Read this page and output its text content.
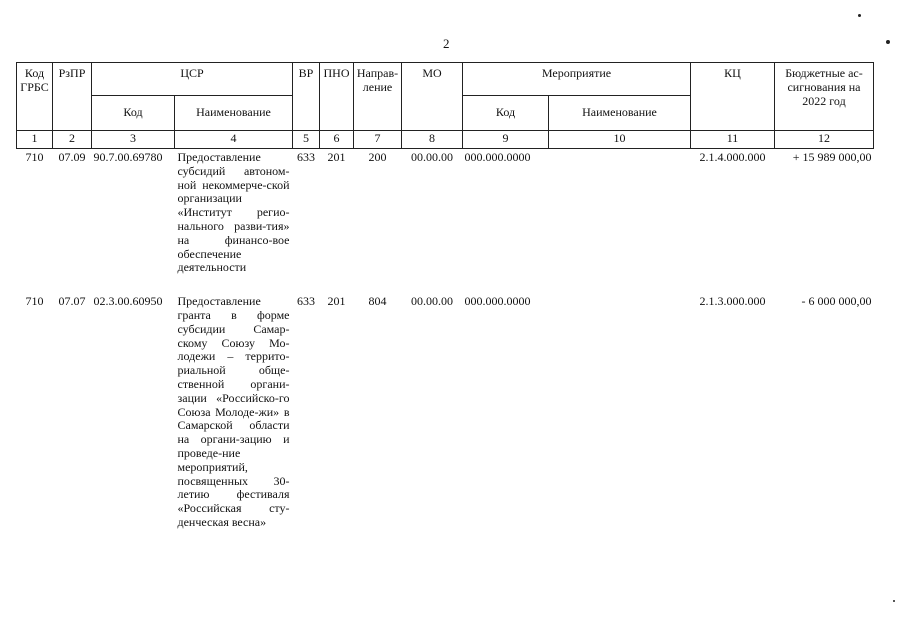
2
Код ГРБС	РзПР	ЦСР		ВР	ПНО	Направ-ление	МО	Мероприятие		КЦ	Бюджетные ас-сигнования на 2022 год
		Код	Наименование					Код	Наименование		
1	2	3	4	5	6	7	8	9	10	11	12
710	07.09	90.7.00.69780	Предоставление субсидий автоном-ной некоммерче-ской организации «Институт регио-нального разви-тия» на финансо-вое обеспечение деятельности	633	201	200	00.00.00	000.000.0000		2.1.4.000.000	+ 15 989 000,00

710	07.07	02.3.00.60950	Предоставление гранта в форме субсидии Самар-скому Союзу Мо-лодежи – террито-риальной обще-ственной органи-зации «Российско-го Союза Молоде-жи» в Самарской области на органи-зацию и проведе-ние мероприятий, посвященных 30-летию фестиваля «Российская сту-денческая весна»	633	201	804	00.00.00	000.000.0000		2.1.3.000.000	- 6 000 000,00
